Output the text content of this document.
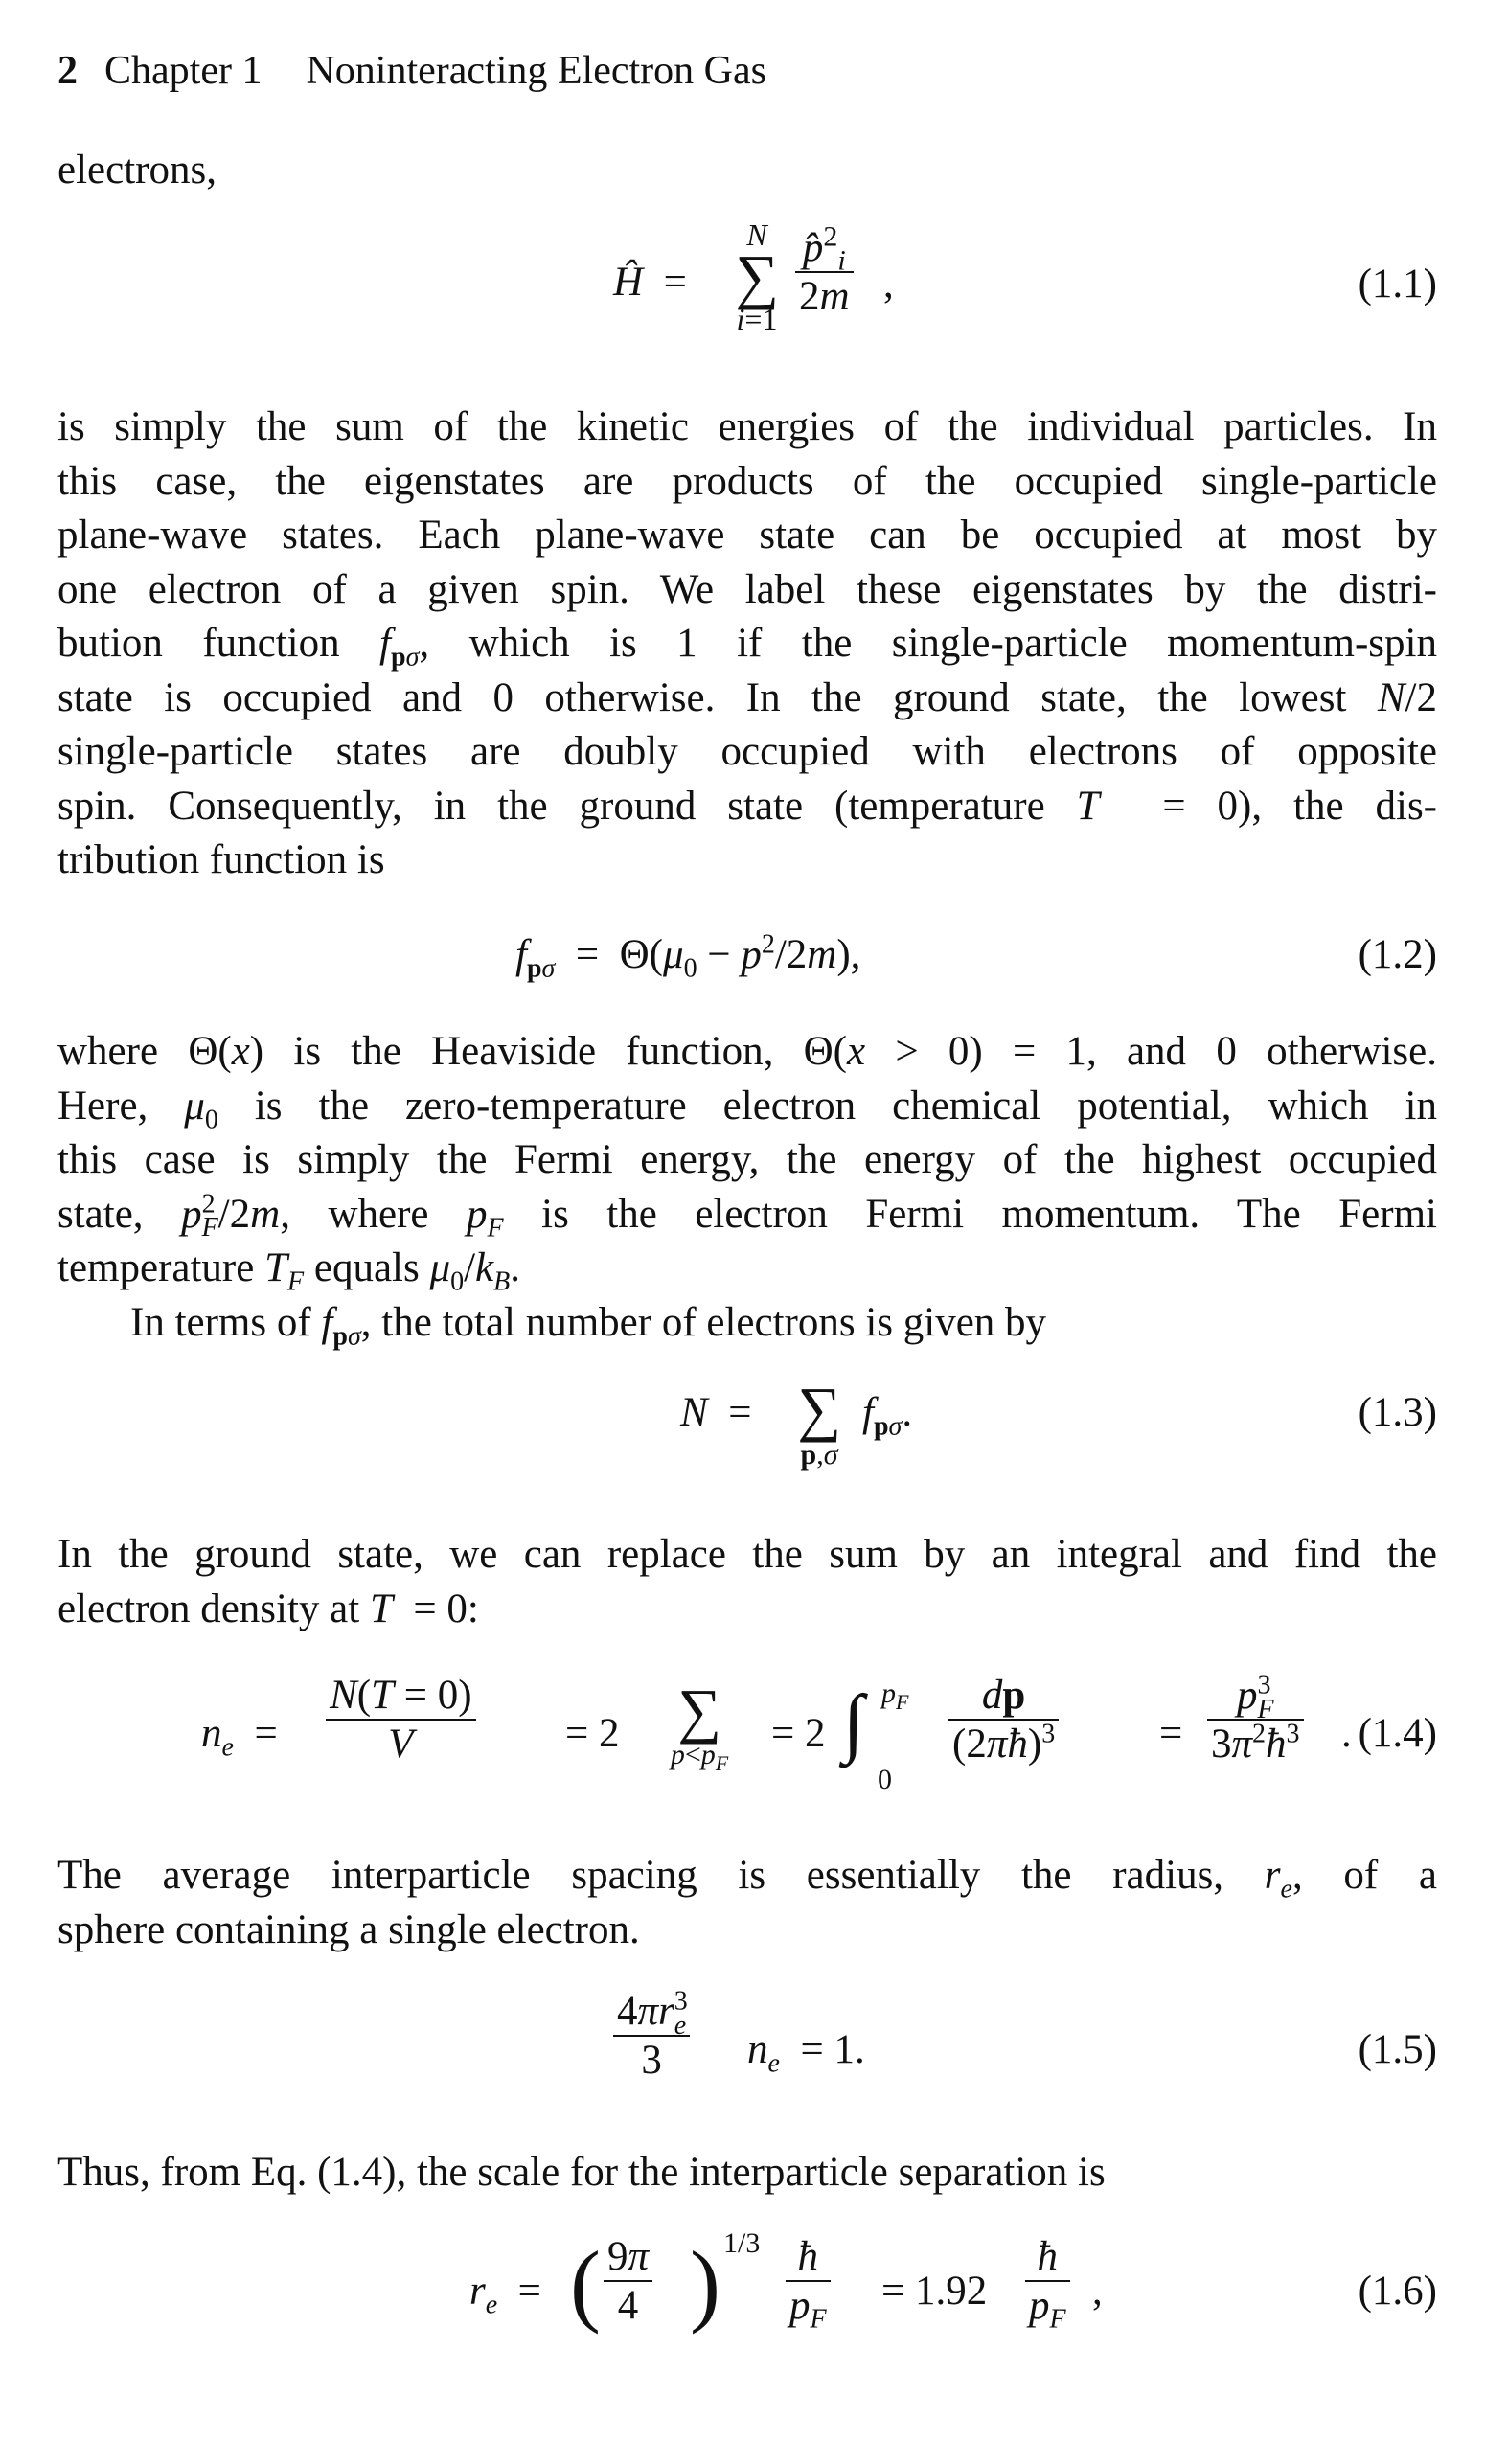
2 Chapter 1 Noninteracting Electron Gas
electrons,
Ĥ  =
N
∑
$i=1 \frac{p̂^2_i}{2m}$ ,	(1.1)
is simply the sum of the kinetic energies of the individual particles. In
this case, the eigenstates are products of the occupied single-particle
plane-wave states. Each plane-wave state can be occupied at most by
one electron of a given spin. We label these eigenstates by the distri-
bution function $f_{p\sigma}$, which is 1 if the single-particle momentum-spin
state is occupied and 0 otherwise. In the ground state, the lowest N/2
single-particle states are doubly occupied with electrons of opposite
spin. Consequently, in the ground state (temperature T  = 0), the dis-
tribution function is
$f_{p\sigma} = \Theta(\mu_0 - p^2/2m)$,	(1.2)
where Θ(x) is the Heaviside function, Θ(x > 0) = 1, and 0 otherwise.
Here, $\mu_0$ is the zero-temperature electron chemical potential, which in
this case is simply the Fermi energy, the energy of the highest occupied
state, $p^2_F/2m$, where $p_F$ is the electron Fermi momentum. The Fermi
temperature $T_F$ equals $\mu_0/k_B$.
In terms of $f_{p\sigma}$, the total number of electrons is given by
N  = ∑
p,σ
$f_{p\sigma}$.	(1.3)
In the ground state, we can replace the sum by an integral and find the
electron density at T  = 0:
$n_e = \frac{N(T = 0)}{V} = 2$ ∑
$p<p_F$
= 2 ∫ $p_F$
0
$\frac{dp}{(2\pi ħ)^3} = \frac{p^3_F}{3\pi^2ħ^3}$ . (1.4)
The average interparticle spacing is essentially the radius, $r_e$, of a
sphere containing a single electron.
$\frac{4\pi r^3_e}{3} n_e = 1$.	(1.5)
Thus, from Eq. (1.4), the scale for the interparticle separation is
$r_e$  = ( $\frac{9\pi}{4}$ ) $1/3 \frac{ħ}{p_F} = 1.92 \frac{ħ}{p_F}$ ,	(1.6)
